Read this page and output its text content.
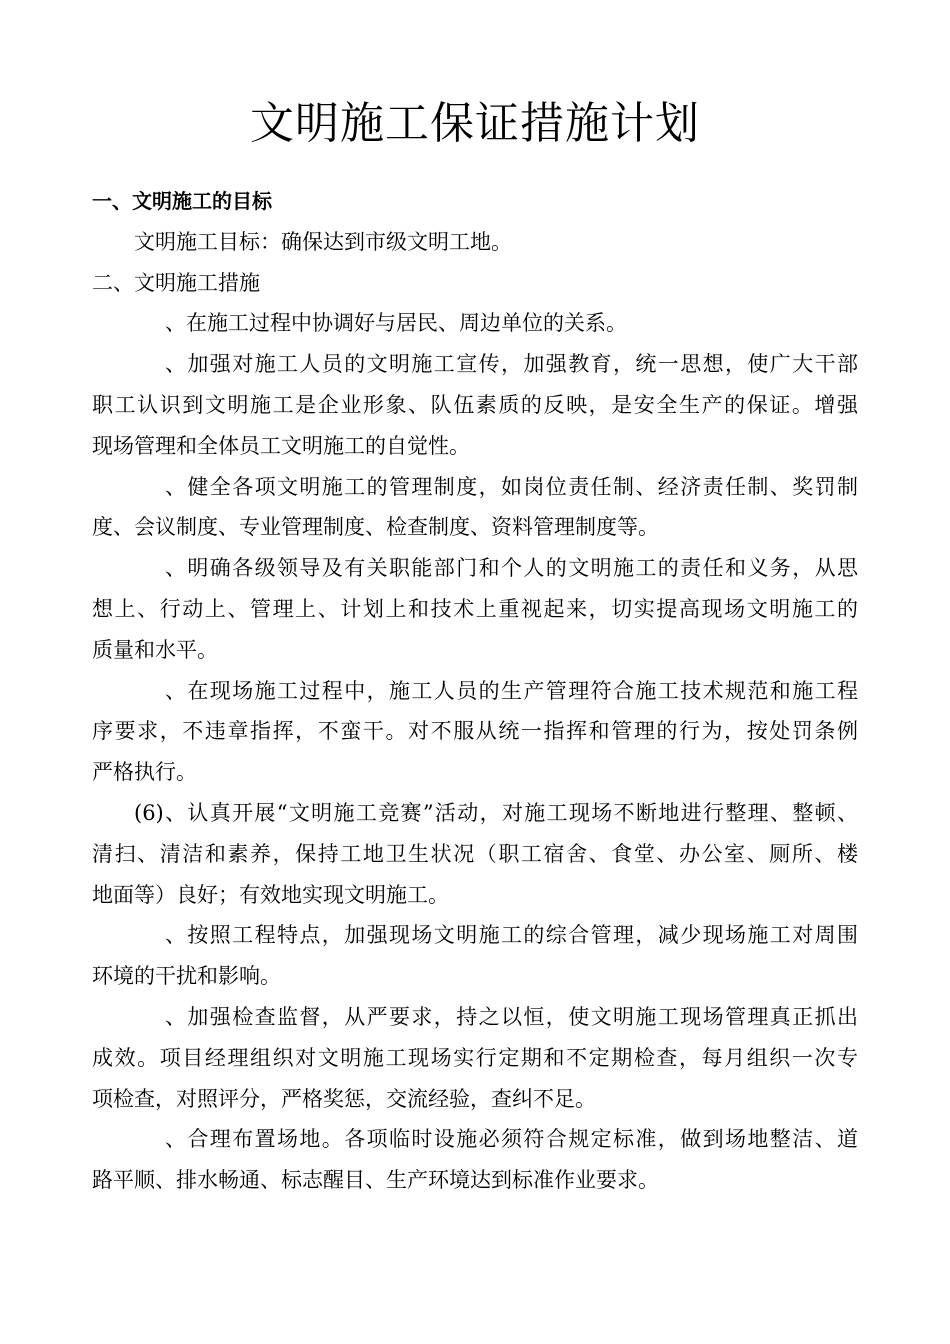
文明施工保证措施计划

一、文明施工的目标

文明施工目标：确保达到市级文明工地。

二、文明施工措施

、在施工过程中协调好与居民、周边单位的关系。

、加强对施工人员的文明施工宣传，加强教育，统一思想，使广大干部

职工认识到文明施工是企业形象、队伍素质的反映，是安全生产的保证。增强

现场管理和全体员工文明施工的自觉性。

、健全各项文明施工的管理制度，如岗位责任制、经济责任制、奖罚制

度、会议制度、专业管理制度、检查制度、资料管理制度等。

、明确各级领导及有关职能部门和个人的文明施工的责任和义务，从思

想上、行动上、管理上、计划上和技术上重视起来，切实提高现场文明施工的

质量和水平。

、在现场施工过程中，施工人员的生产管理符合施工技术规范和施工程

序要求，不违章指挥，不蛮干。对不服从统一指挥和管理的行为，按处罚条例

严格执行。

(6)、认真开展“文明施工竞赛”活动，对施工现场不断地进行整理、整顿、

清扫、清洁和素养，保持工地卫生状况（职工宿舍、食堂、办公室、厕所、楼

地面等）良好；有效地实现文明施工。

、按照工程特点，加强现场文明施工的综合管理，减少现场施工对周围

环境的干扰和影响。

、加强检查监督，从严要求，持之以恒，使文明施工现场管理真正抓出

成效。项目经理组织对文明施工现场实行定期和不定期检查，每月组织一次专

项检查，对照评分，严格奖惩，交流经验，查纠不足。

、合理布置场地。各项临时设施必须符合规定标准，做到场地整洁、道

路平顺、排水畅通、标志醒目、生产环境达到标准作业要求。
